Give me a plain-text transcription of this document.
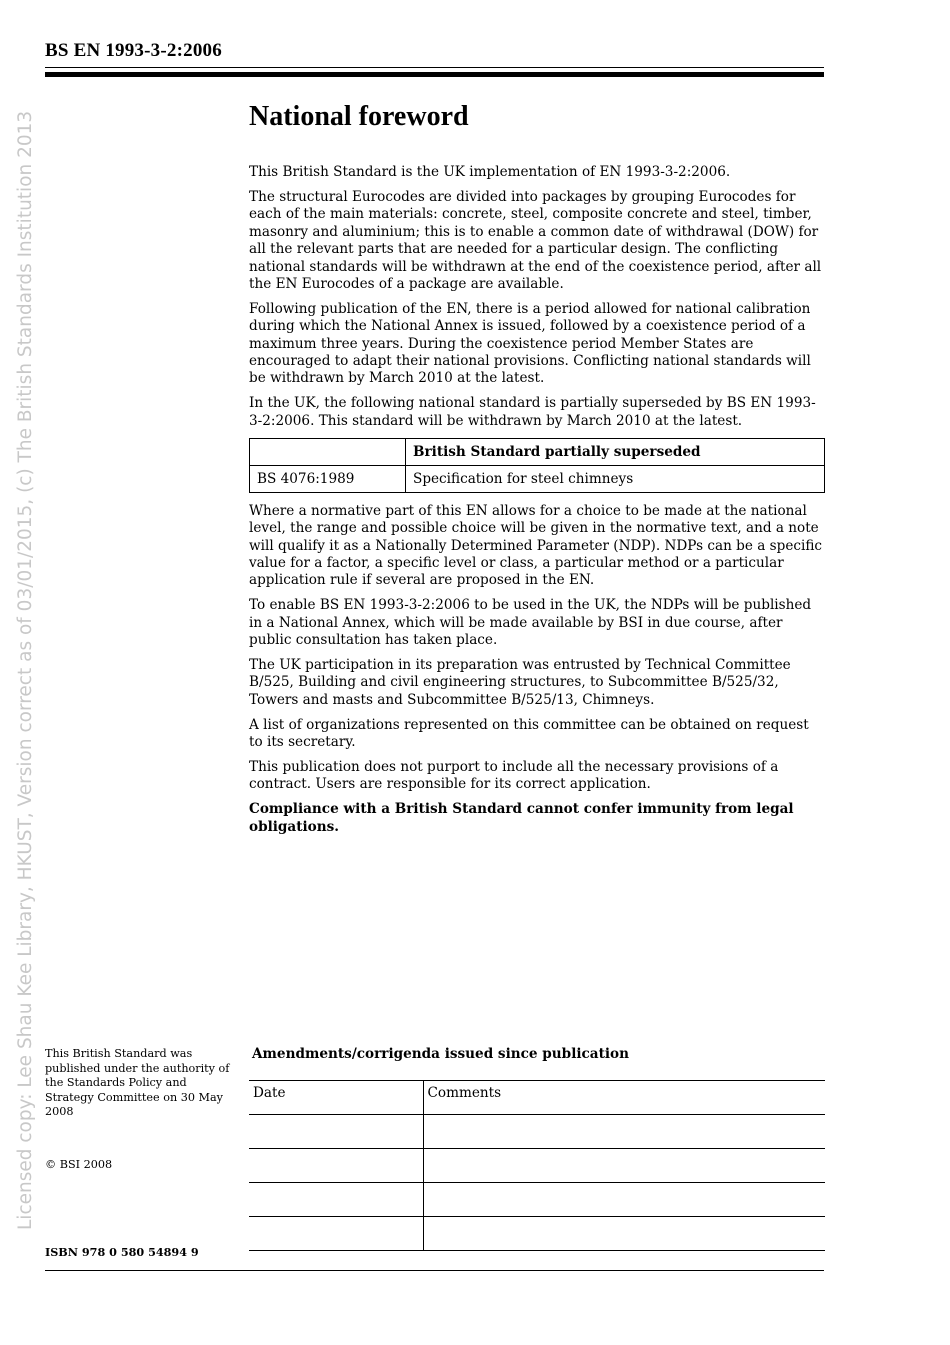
BS EN 1993-3-2:2006
Licensed copy: Lee Shau Kee Library, HKUST, Version correct as of 03/01/2015, (c) The British Standards Institution 2013	National foreword

This British Standard is the UK implementation of EN 1993-3-2:2006.

The structural Eurocodes are divided into packages by grouping Eurocodes for each of the main materials: concrete, steel, composite concrete and steel, timber, masonry and aluminium; this is to enable a common date of withdrawal (DOW) for all the relevant parts that are needed for a particular design. The conflicting national standards will be withdrawn at the end of the coexistence period, after all the EN Eurocodes of a package are available.

Following publication of the EN, there is a period allowed for national calibration during which the National Annex is issued, followed by a coexistence period of a maximum three years. During the coexistence period Member States are encouraged to adapt their national provisions. Conflicting national standards will be withdrawn by March 2010 at the latest.

In the UK, the following national standard is partially superseded by BS EN 1993-3-2:2006. This standard will be withdrawn by March 2010 at the latest.

	British Standard partially superseded
BS 4076:1989	Specification for steel chimneys

Where a normative part of this EN allows for a choice to be made at the national level, the range and possible choice will be given in the normative text, and a note will qualify it as a Nationally Determined Parameter (NDP). NDPs can be a specific value for a factor, a specific level or class, a particular method or a particular application rule if several are proposed in the EN.

To enable BS EN 1993-3-2:2006 to be used in the UK, the NDPs will be published in a National Annex, which will be made available by BSI in due course, after public consultation has taken place.

The UK participation in its preparation was entrusted by Technical Committee B/525, Building and civil engineering structures, to Subcommittee B/525/32, Towers and masts and Subcommittee B/525/13, Chimneys.

A list of organizations represented on this committee can be obtained on request to its secretary.

This publication does not purport to include all the necessary provisions of a contract. Users are responsible for its correct application.

Compliance with a British Standard cannot confer immunity from legal obligations.

This British Standard was published under the authority of the Standards Policy and Strategy Committee on 30 May 2008
© BSI 2008
ISBN 978 0 580 54894 9
Amendments/corrigenda issued since publication
Date	Comments
